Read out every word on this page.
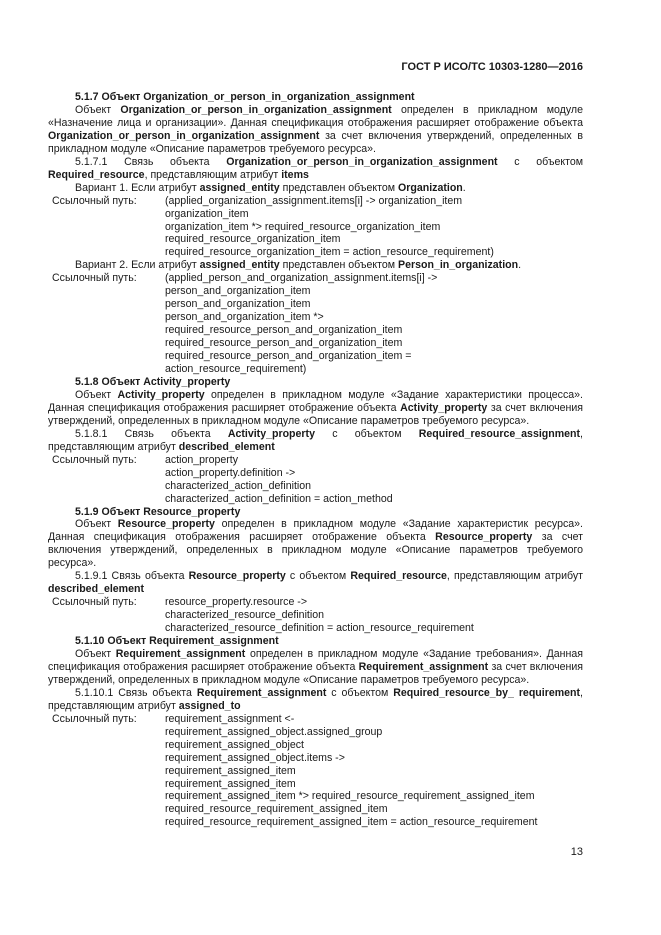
ГОСТ Р ИСО/ТС 10303-1280—2016
5.1.7 Объект Organization_or_person_in_organization_assignment

Объект Organization_or_person_in_organization_assignment определен в прикладном модуле «Назначение лица и организации». Данная спецификация отображения расширяет отображение объекта Organization_or_person_in_organization_assignment за счет включения утверждений, определенных в прикладном модуле «Описание параметров требуемого ресурса».

5.1.7.1 Связь объекта Organization_or_person_in_organization_assignment с объектом Required_resource, представляющим атрибут items

Вариант 1. Если атрибут assigned_entity представлен объектом Organization.

Ссылочный путь:	(applied_organization_assignment.items[i] -> organization_item
organization_item
organization_item *> required_resource_organization_item
required_resource_organization_item
required_resource_organization_item = action_resource_requirement)

Вариант 2. Если атрибут assigned_entity представлен объектом Person_in_organization.

Ссылочный путь:	(applied_person_and_organization_assignment.items[i] ->
person_and_organization_item
person_and_organization_item
person_and_organization_item *>
required_resource_person_and_organization_item
required_resource_person_and_organization_item
required_resource_person_and_organization_item =
action_resource_requirement)
5.1.8 Объект Activity_property

Объект Activity_property определен в прикладном модуле «Задание характеристики процесса». Данная спецификация отображения расширяет отображение объекта Activity_property за счет включения утверждений, определенных в прикладном модуле «Описание параметров требуемого ресурса».

5.1.8.1 Связь объекта Activity_property с объектом Required_resource_assignment, представляющим атрибут described_element

Ссылочный путь:	action_property
action_property.definition ->
characterized_action_definition
characterized_action_definition = action_method
5.1.9 Объект Resource_property

Объект Resource_property определен в прикладном модуле «Задание характеристик ресурса». Данная спецификация отображения расширяет отображение объекта Resource_property за счет включения утверждений, определенных в прикладном модуле «Описание параметров требуемого ресурса».

5.1.9.1 Связь объекта Resource_property с объектом Required_resource, представляющим атрибут described_element

Ссылочный путь:	resource_property.resource ->
characterized_resource_definition
characterized_resource_definition = action_resource_requirement
5.1.10 Объект Requirement_assignment

Объект Requirement_assignment определен в прикладном модуле «Задание требования». Данная спецификация отображения расширяет отображение объекта Requirement_assignment за счет включения утверждений, определенных в прикладном модуле «Описание параметров требуемого ресурса».

5.1.10.1 Связь объекта Requirement_assignment с объектом Required_resource_by_ requirement, представляющим атрибут assigned_to

Ссылочный путь:	requirement_assignment <-
requirement_assigned_object.assigned_group
requirement_assigned_object
requirement_assigned_object.items ->
requirement_assigned_item
requirement_assigned_item
requirement_assigned_item *> required_resource_requirement_assigned_item
required_resource_requirement_assigned_item
required_resource_requirement_assigned_item = action_resource_requirement
13
